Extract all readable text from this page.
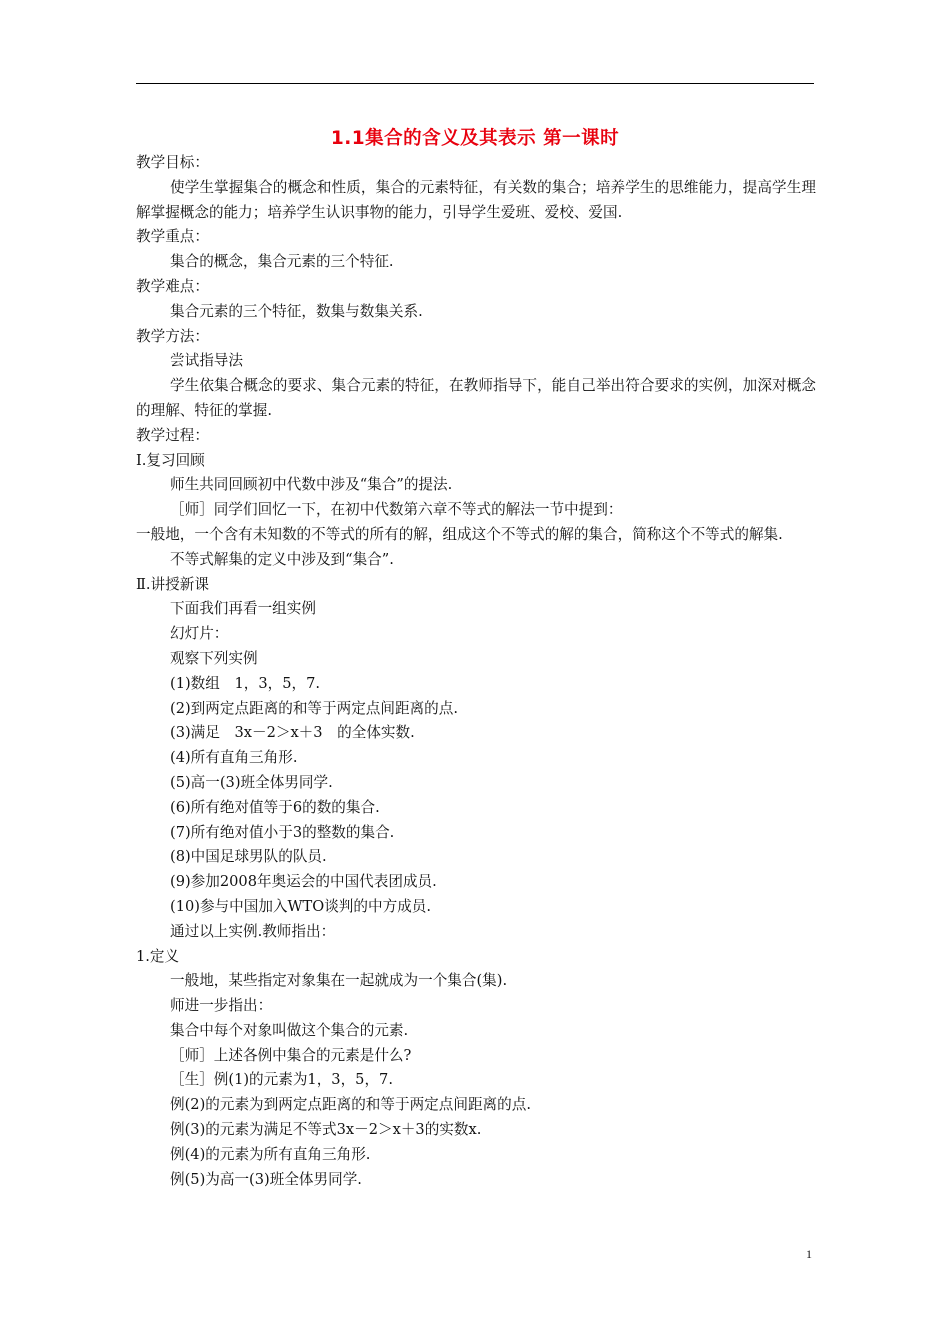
1.1集合的含义及其表示 第一课时

教学目标：

使学生掌握集合的概念和性质，集合的元素特征，有关数的集合；培养学生的思维能力，提高学生理解掌握概念的能力；培养学生认识事物的能力，引导学生爱班、爱校、爱国.

教学重点：

集合的概念，集合元素的三个特征.

教学难点：

集合元素的三个特征，数集与数集关系.

教学方法：

尝试指导法

学生依集合概念的要求、集合元素的特征，在教师指导下，能自己举出符合要求的实例，加深对概念的理解、特征的掌握.

教学过程：

Ⅰ.复习回顾

师生共同回顾初中代数中涉及“集合”的提法.

［师］同学们回忆一下，在初中代数第六章不等式的解法一节中提到：

一般地，一个含有未知数的不等式的所有的解，组成这个不等式的解的集合，简称这个不等式的解集.

不等式解集的定义中涉及到“集合”.

Ⅱ.讲授新课

下面我们再看一组实例

幻灯片：

观察下列实例

(1)数组　1，3，5，7.

(2)到两定点距离的和等于两定点间距离的点.

(3)满足　3x－2＞x＋3　的全体实数.

(4)所有直角三角形.

(5)高一(3)班全体男同学.

(6)所有绝对值等于6的数的集合.

(7)所有绝对值小于3的整数的集合.

(8)中国足球男队的队员.

(9)参加2008年奥运会的中国代表团成员.

(10)参与中国加入WTO谈判的中方成员.

通过以上实例.教师指出：

1.定义

一般地，某些指定对象集在一起就成为一个集合(集).

师进一步指出：

集合中每个对象叫做这个集合的元素.

［师］上述各例中集合的元素是什么?

［生］例(1)的元素为1，3，5，7.

例(2)的元素为到两定点距离的和等于两定点间距离的点.

例(3)的元素为满足不等式3x－2＞x＋3的实数x.

例(4)的元素为所有直角三角形.

例(5)为高一(3)班全体男同学.

1
